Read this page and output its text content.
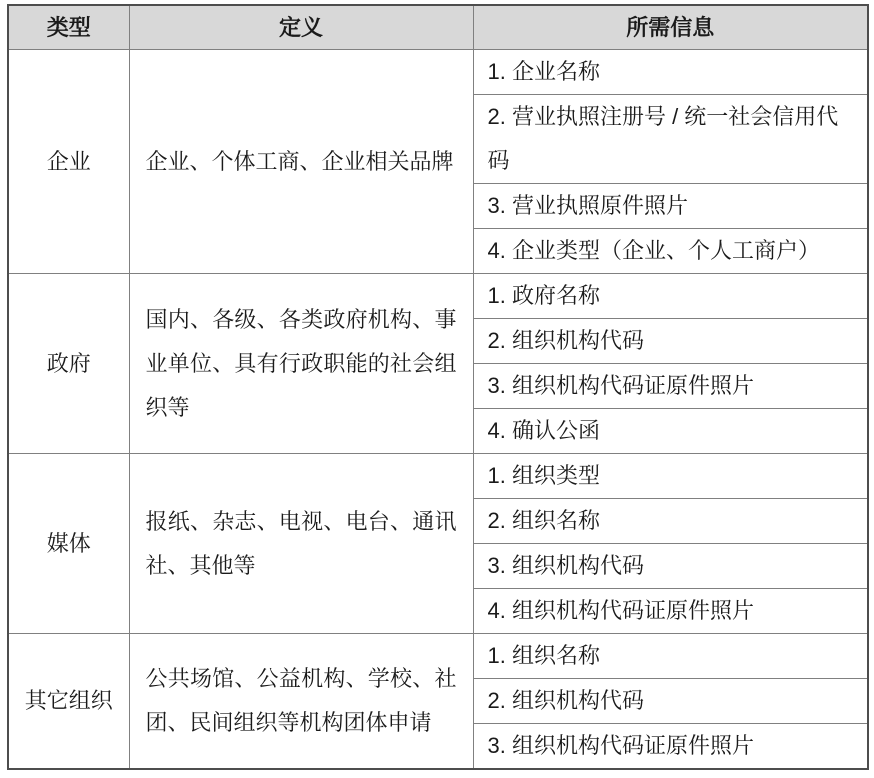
类型	定义	所需信息
企业	企业、个体工商、企业相关品牌	1. 企业名称
		2. 营业执照注册号 / 统一社会信用代码
		3. 营业执照原件照片
		4. 企业类型（企业、个人工商户）
政府	国内、各级、各类政府机构、事业单位、具有行政职能的社会组织等	1. 政府名称
		2. 组织机构代码
		3. 组织机构代码证原件照片
		4. 确认公函
媒体	报纸、杂志、电视、电台、通讯社、其他等	1. 组织类型
		2. 组织名称
		3. 组织机构代码
		4. 组织机构代码证原件照片
其它组织	公共场馆、公益机构、学校、社团、民间组织等机构团体申请	1. 组织名称
		2. 组织机构代码
		3. 组织机构代码证原件照片
